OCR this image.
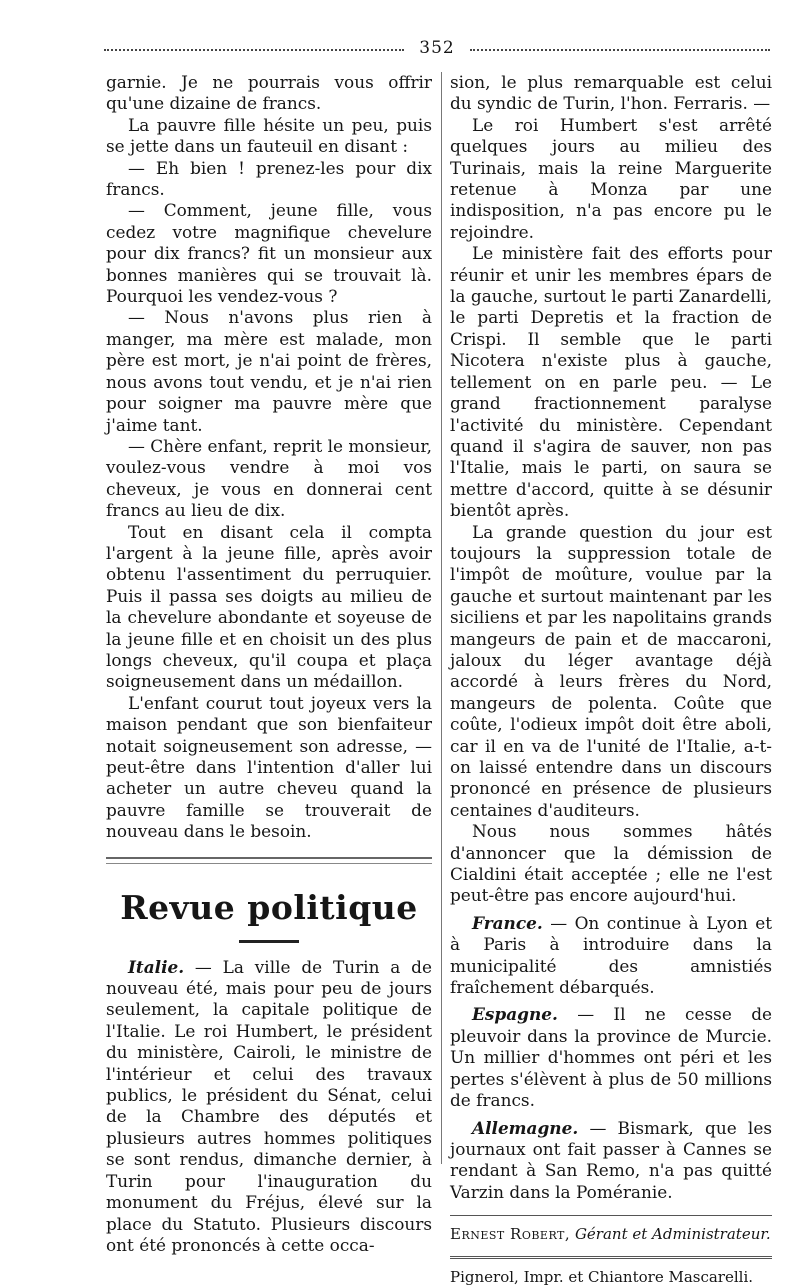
352

garnie. Je ne pourrais vous offrir qu'une dizaine de francs.

La pauvre fille hésite un peu, puis se jette dans un fauteuil en disant :

— Eh bien ! prenez-les pour dix francs.

— Comment, jeune fille, vous cedez votre magnifique chevelure pour dix francs? fit un monsieur aux bonnes manières qui se trouvait là. Pourquoi les vendez-vous ?

— Nous n'avons plus rien à manger, ma mère est malade, mon père est mort, je n'ai point de frères, nous avons tout vendu, et je n'ai rien pour soigner ma pauvre mère que j'aime tant.

— Chère enfant, reprit le monsieur, voulez-vous vendre à moi vos cheveux, je vous en donnerai cent francs au lieu de dix.

Tout en disant cela il compta l'argent à la jeune fille, après avoir obtenu l'assentiment du perruquier. Puis il passa ses doigts au milieu de la chevelure abondante et soyeuse de la jeune fille et en choisit un des plus longs cheveux, qu'il coupa et plaça soigneusement dans un médaillon.

L'enfant courut tout joyeux vers la maison pendant que son bienfaiteur notait soigneusement son adresse, — peut-être dans l'intention d'aller lui acheter un autre cheveu quand la pauvre famille se trouverait de nouveau dans le besoin.

Revue politique

Italie. — La ville de Turin a de nouveau été, mais pour peu de jours seulement, la capitale politique de l'Italie. Le roi Humbert, le président du ministère, Cairoli, le ministre de l'intérieur et celui des travaux publics, le président du Sénat, celui de la Chambre des députés et plusieurs autres hommes politiques se sont rendus, dimanche dernier, à Turin pour l'inauguration du monument du Fréjus, élevé sur la place du Statuto. Plusieurs discours ont été prononcés à cette occa-

sion, le plus remarquable est celui du syndic de Turin, l'hon. Ferraris. —

Le roi Humbert s'est arrêté quelques jours au milieu des Turinais, mais la reine Marguerite retenue à Monza par une indisposition, n'a pas encore pu le rejoindre.

Le ministère fait des efforts pour réunir et unir les membres épars de la gauche, surtout le parti Zanardelli, le parti Depretis et la fraction de Crispi. Il semble que le parti Nicotera n'existe plus à gauche, tellement on en parle peu. — Le grand fractionnement paralyse l'activité du ministère. Cependant quand il s'agira de sauver, non pas l'Italie, mais le parti, on saura se mettre d'accord, quitte à se désunir bientôt après.

La grande question du jour est toujours la suppression totale de l'impôt de moûture, voulue par la gauche et surtout maintenant par les siciliens et par les napolitains grands mangeurs de pain et de maccaroni, jaloux du léger avantage déjà accordé à leurs frères du Nord, mangeurs de polenta. Coûte que coûte, l'odieux impôt doit être aboli, car il en va de l'unité de l'Italie, a-t-on laissé entendre dans un discours prononcé en présence de plusieurs centaines d'auditeurs.

Nous nous sommes hâtés d'annoncer que la démission de Cialdini était acceptée ; elle ne l'est peut-être pas encore aujourd'hui.

France. — On continue à Lyon et à Paris à introduire dans la municipalité des amnistiés fraîchement débarqués.

Espagne. — Il ne cesse de pleuvoir dans la province de Murcie. Un millier d'hommes ont péri et les pertes s'élèvent à plus de 50 millions de francs.

Allemagne. — Bismark, que les journaux ont fait passer à Cannes se rendant à San Remo, n'a pas quitté Varzin dans la Poméranie.

Ernest Robert, Gérant et Administrateur.
Pignerol, Impr. et Chiantore Mascarelli.
